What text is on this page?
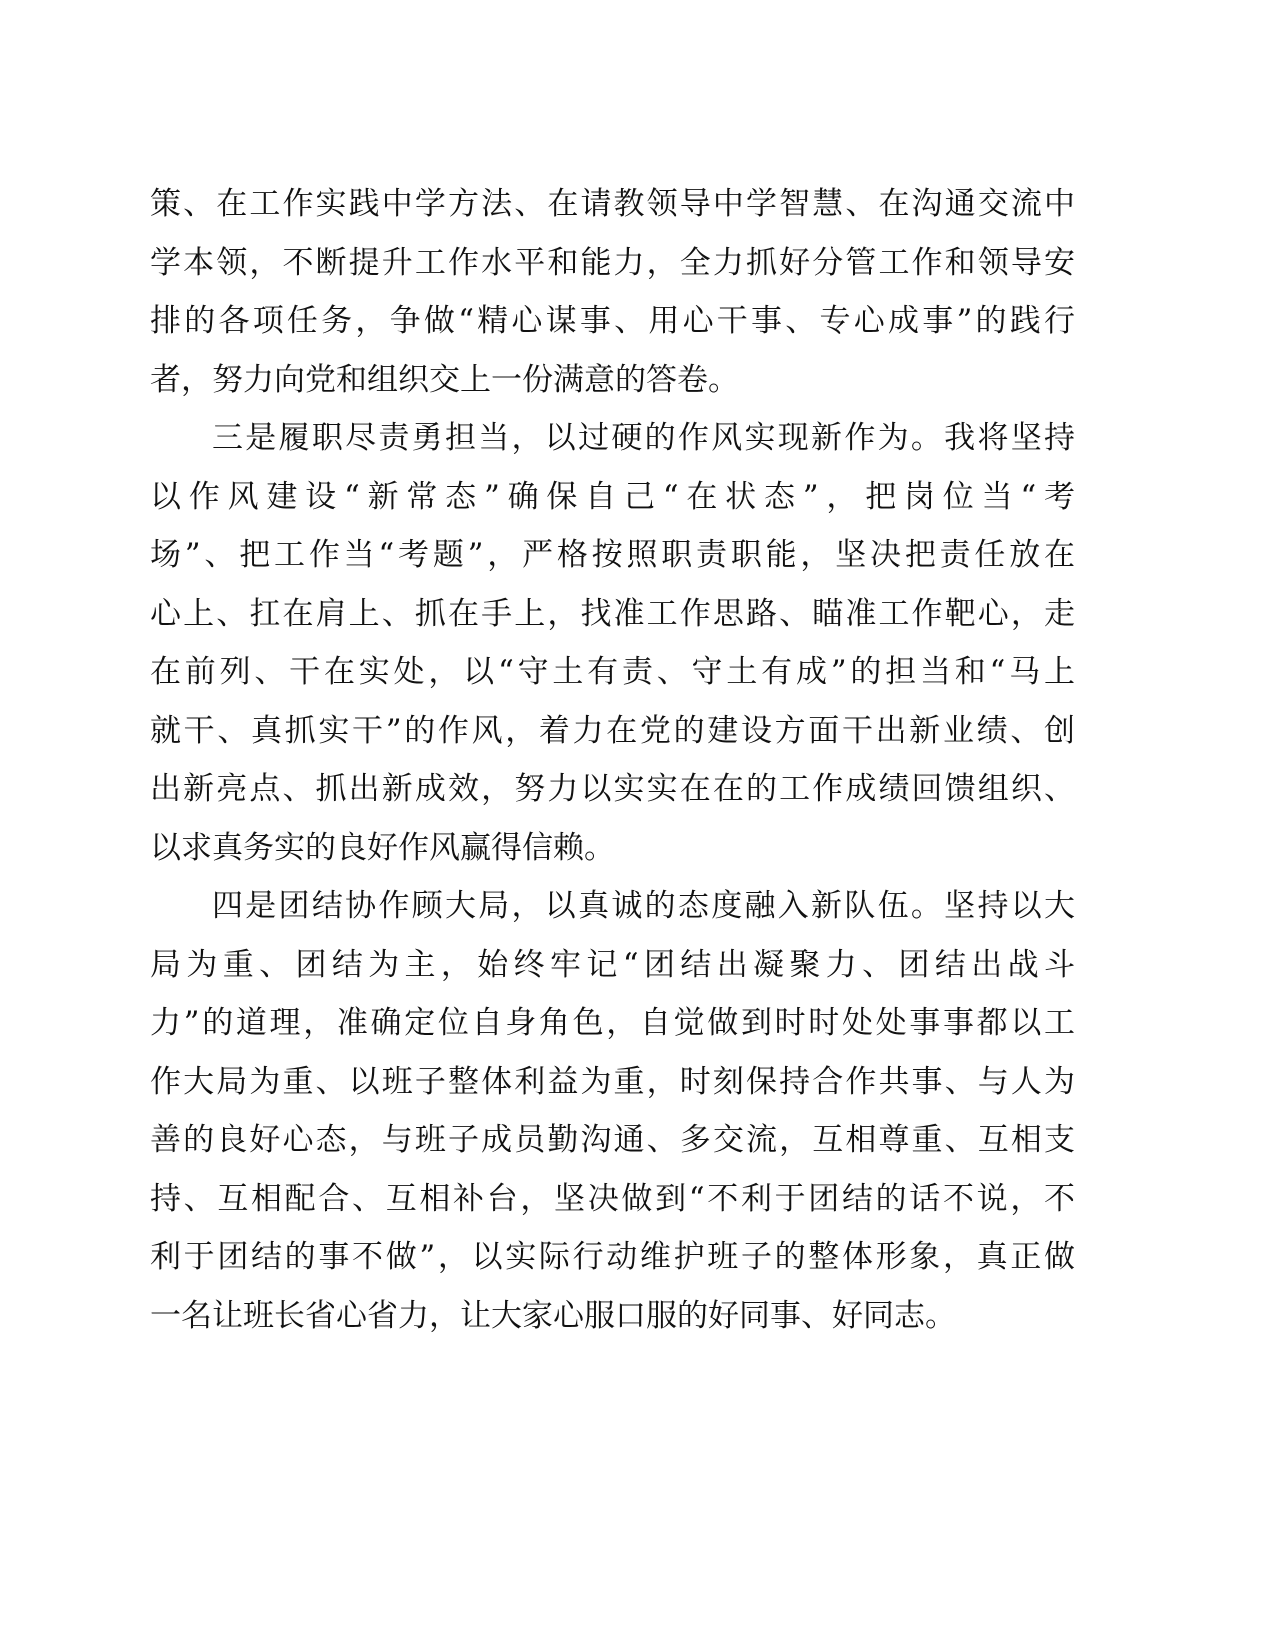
策、在工作实践中学方法、在请教领导中学智慧、在沟通交流中
学本领，不断提升工作水平和能力，全力抓好分管工作和领导安
排的各项任务，争做“精心谋事、用心干事、专心成事”的践行
者，努力向党和组织交上一份满意的答卷。
三是履职尽责勇担当，以过硬的作风实现新作为。我将坚持
以作风建设“新常态”确保自己“在状态”，把岗位当“考
场”、把工作当“考题”，严格按照职责职能，坚决把责任放在
心上、扛在肩上、抓在手上，找准工作思路、瞄准工作靶心，走
在前列、干在实处，以“守土有责、守土有成”的担当和“马上
就干、真抓实干”的作风，着力在党的建设方面干出新业绩、创
出新亮点、抓出新成效，努力以实实在在的工作成绩回馈组织、
以求真务实的良好作风赢得信赖。
四是团结协作顾大局，以真诚的态度融入新队伍。坚持以大
局为重、团结为主，始终牢记“团结出凝聚力、团结出战斗
力”的道理，准确定位自身角色，自觉做到时时处处事事都以工
作大局为重、以班子整体利益为重，时刻保持合作共事、与人为
善的良好心态，与班子成员勤沟通、多交流，互相尊重、互相支
持、互相配合、互相补台，坚决做到“不利于团结的话不说，不
利于团结的事不做”，以实际行动维护班子的整体形象，真正做
一名让班长省心省力，让大家心服口服的好同事、好同志。
